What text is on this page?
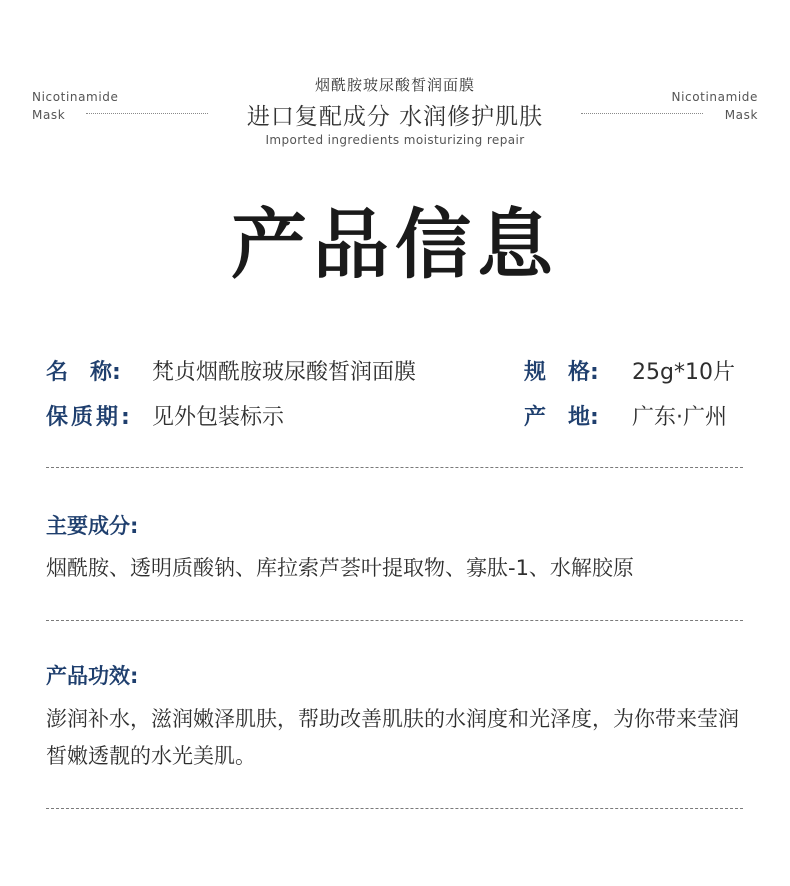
Nicotinamide
Mask
Nicotinamide
Mask
烟酰胺玻尿酸皙润面膜
进口复配成分 水润修护肌肤
Imported ingredients moisturizing repair
产品信息
名　称: 梵贞烟酰胺玻尿酸皙润面膜	规　格: 25g*10片
保质期: 见外包装标示	产　地: 广东·广州
主要成分:
烟酰胺、透明质酸钠、库拉索芦荟叶提取物、寡肽-1、水解胶原
产品功效:
澎润补水，滋润嫩泽肌肤，帮助改善肌肤的水润度和光泽度，为你带来莹润皙嫩透靓的水光美肌。
